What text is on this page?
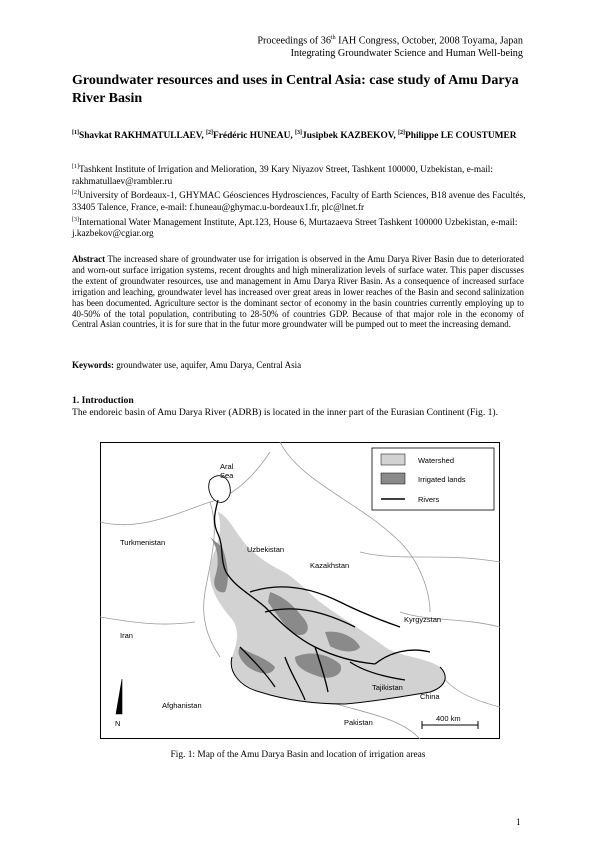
Proceedings of 36th IAH Congress, October, 2008 Toyama, Japan
Integrating Groundwater Science and Human Well-being
Groundwater resources and uses in Central Asia: case study of Amu Darya River Basin
[1]Shavkat RAKHMATULLAEV, [2]Frédéric HUNEAU, [3]Jusipbek KAZBEKOV, [2]Philippe LE COUSTUMER

[1]Tashkent Institute of Irrigation and Melioration, 39 Kary Niyazov Street, Tashkent 100000, Uzbekistan, e-mail: rakhmatullaev@rambler.ru

[2]University of Bordeaux-1, GHYMAC Géosciences Hydrosciences, Faculty of Earth Sciences, B18 avenue des Facultés, 33405 Talence, France, e-mail: f.huneau@ghymac.u-bordeaux1.fr, plc@lnet.fr

[3]International Water Management Institute, Apt.123, House 6, Murtazaeva Street Tashkent 100000 Uzbekistan, e-mail: j.kazbekov@cgiar.org

Abstract The increased share of groundwater use for irrigation is observed in the Amu Darya River Basin due to deteriorated and worn-out surface irrigation systems, recent droughts and high mineralization levels of surface water. This paper discusses the extent of groundwater resources, use and management in Amu Darya River Basin. As a consequence of increased surface irrigation and leaching, groundwater level has increased over great areas in lower reaches of the Basin and second salinization has been documented. Agriculture sector is the dominant sector of economy in the basin countries currently employing up to 40-50% of the total population, contributing to 28-50% of countries GDP. Because of that major role in the economy of Central Asian countries, it is for sure that in the futur more groundwater will be pumped out to meet the increasing demand.
Keywords: groundwater use, aquifer, Amu Darya, Central Asia
1. Introduction
The endoreic basin of Amu Darya River (ADRB) is located in the inner part of the Eurasian Continent (Fig. 1).
Watershed
Irrigated lands
Rivers
Aral
Sea
Turkmenistan
Uzbekistan
Kazakhstan
Kyrgyzstan
Iran
Afghanistan
Tajikistan
China
Pakistan
N
400 km
Fig. 1: Map of the Amu Darya Basin and location of irrigation areas
1
